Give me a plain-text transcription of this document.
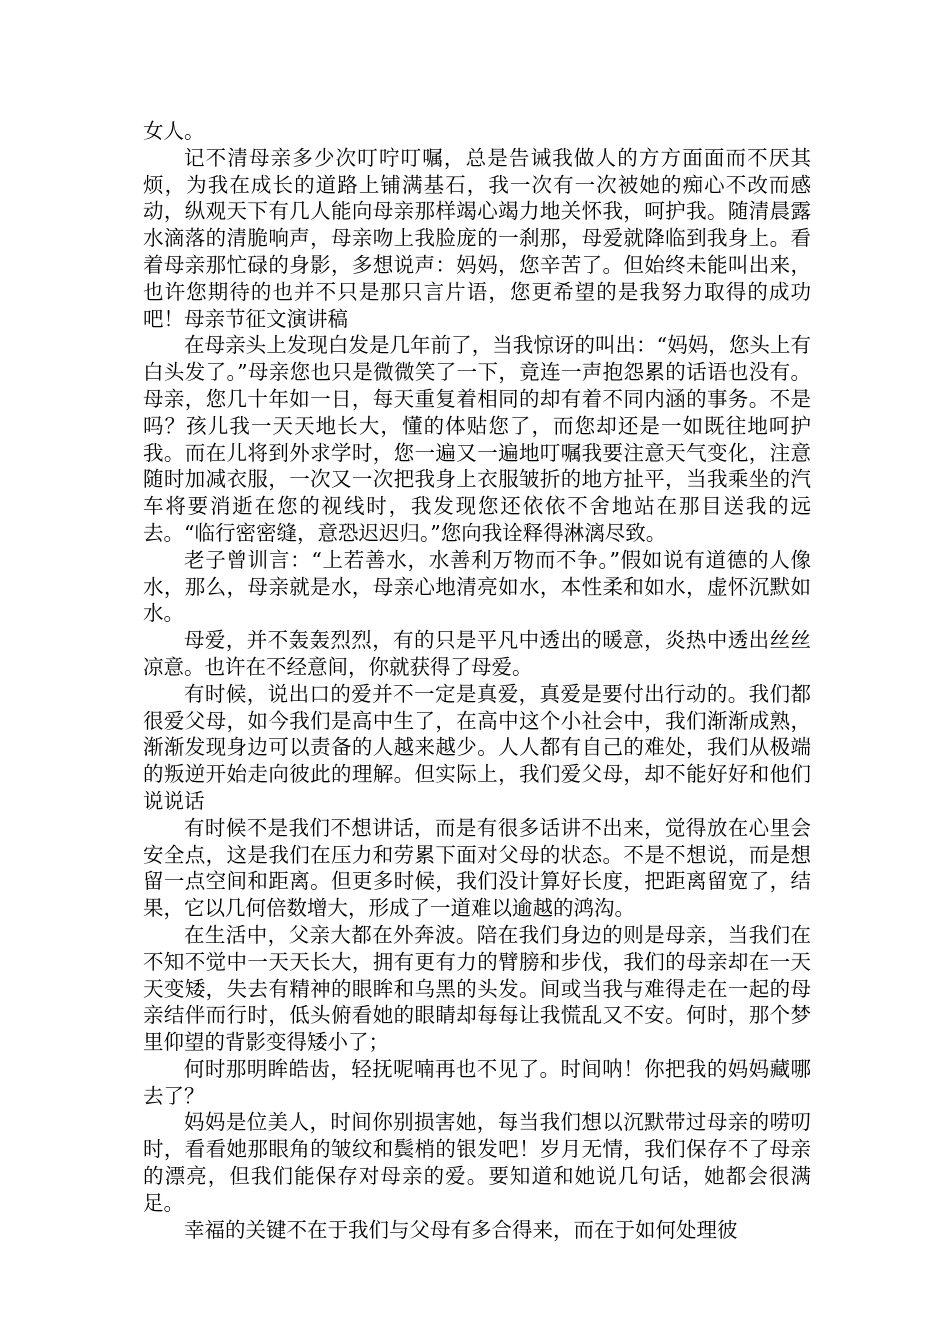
女人。

记不清母亲多少次叮咛叮嘱，总是告诫我做人的方方面面而不厌其烦，为我在成长的道路上铺满基石，我一次有一次被她的痴心不改而感动，纵观天下有几人能向母亲那样竭心竭力地关怀我，呵护我。随清晨露水滴落的清脆响声，母亲吻上我脸庞的一刹那，母爱就降临到我身上。看着母亲那忙碌的身影，多想说声：妈妈，您辛苦了。但始终未能叫出来，也许您期待的也并不只是那只言片语，您更希望的是我努力取得的成功吧！母亲节征文演讲稿

在母亲头上发现白发是几年前了，当我惊讶的叫出：“妈妈，您头上有白头发了。”母亲您也只是微微笑了一下，竟连一声抱怨累的话语也没有。母亲，您几十年如一日，每天重复着相同的却有着不同内涵的事务。不是吗？孩儿我一天天地长大，懂的体贴您了，而您却还是一如既往地呵护我。而在儿将到外求学时，您一遍又一遍地叮嘱我要注意天气变化，注意随时加减衣服，一次又一次把我身上衣服皱折的地方扯平，当我乘坐的汽车将要消逝在您的视线时，我发现您还依依不舍地站在那目送我的远去。“临行密密缝，意恐迟迟归。”您向我诠释得淋漓尽致。

老子曾训言：“上若善水，水善利万物而不争。”假如说有道德的人像水，那么，母亲就是水，母亲心地清亮如水，本性柔和如水，虚怀沉默如水。

母爱，并不轰轰烈烈，有的只是平凡中透出的暖意，炎热中透出丝丝凉意。也许在不经意间，你就获得了母爱。

有时候，说出口的爱并不一定是真爱，真爱是要付出行动的。我们都很爱父母，如今我们是高中生了，在高中这个小社会中，我们渐渐成熟，渐渐发现身边可以责备的人越来越少。人人都有自己的难处，我们从极端的叛逆开始走向彼此的理解。但实际上，我们爱父母，却不能好好和他们说说话

有时候不是我们不想讲话，而是有很多话讲不出来，觉得放在心里会安全点，这是我们在压力和劳累下面对父母的状态。不是不想说，而是想留一点空间和距离。但更多时候，我们没计算好长度，把距离留宽了，结果，它以几何倍数增大，形成了一道难以逾越的鸿沟。

在生活中，父亲大都在外奔波。陪在我们身边的则是母亲，当我们在不知不觉中一天天长大，拥有更有力的臂膀和步伐，我们的母亲却在一天天变矮，失去有精神的眼眸和乌黑的头发。间或当我与难得走在一起的母亲结伴而行时，低头俯看她的眼睛却每每让我慌乱又不安。何时，那个梦里仰望的背影变得矮小了；

何时那明眸皓齿，轻抚呢喃再也不见了。时间呐！你把我的妈妈藏哪去了？

妈妈是位美人，时间你别损害她，每当我们想以沉默带过母亲的唠叨时，看看她那眼角的皱纹和鬓梢的银发吧！岁月无情，我们保存不了母亲的漂亮，但我们能保存对母亲的爱。要知道和她说几句话，她都会很满足。

幸福的关键不在于我们与父母有多合得来，而在于如何处理彼
